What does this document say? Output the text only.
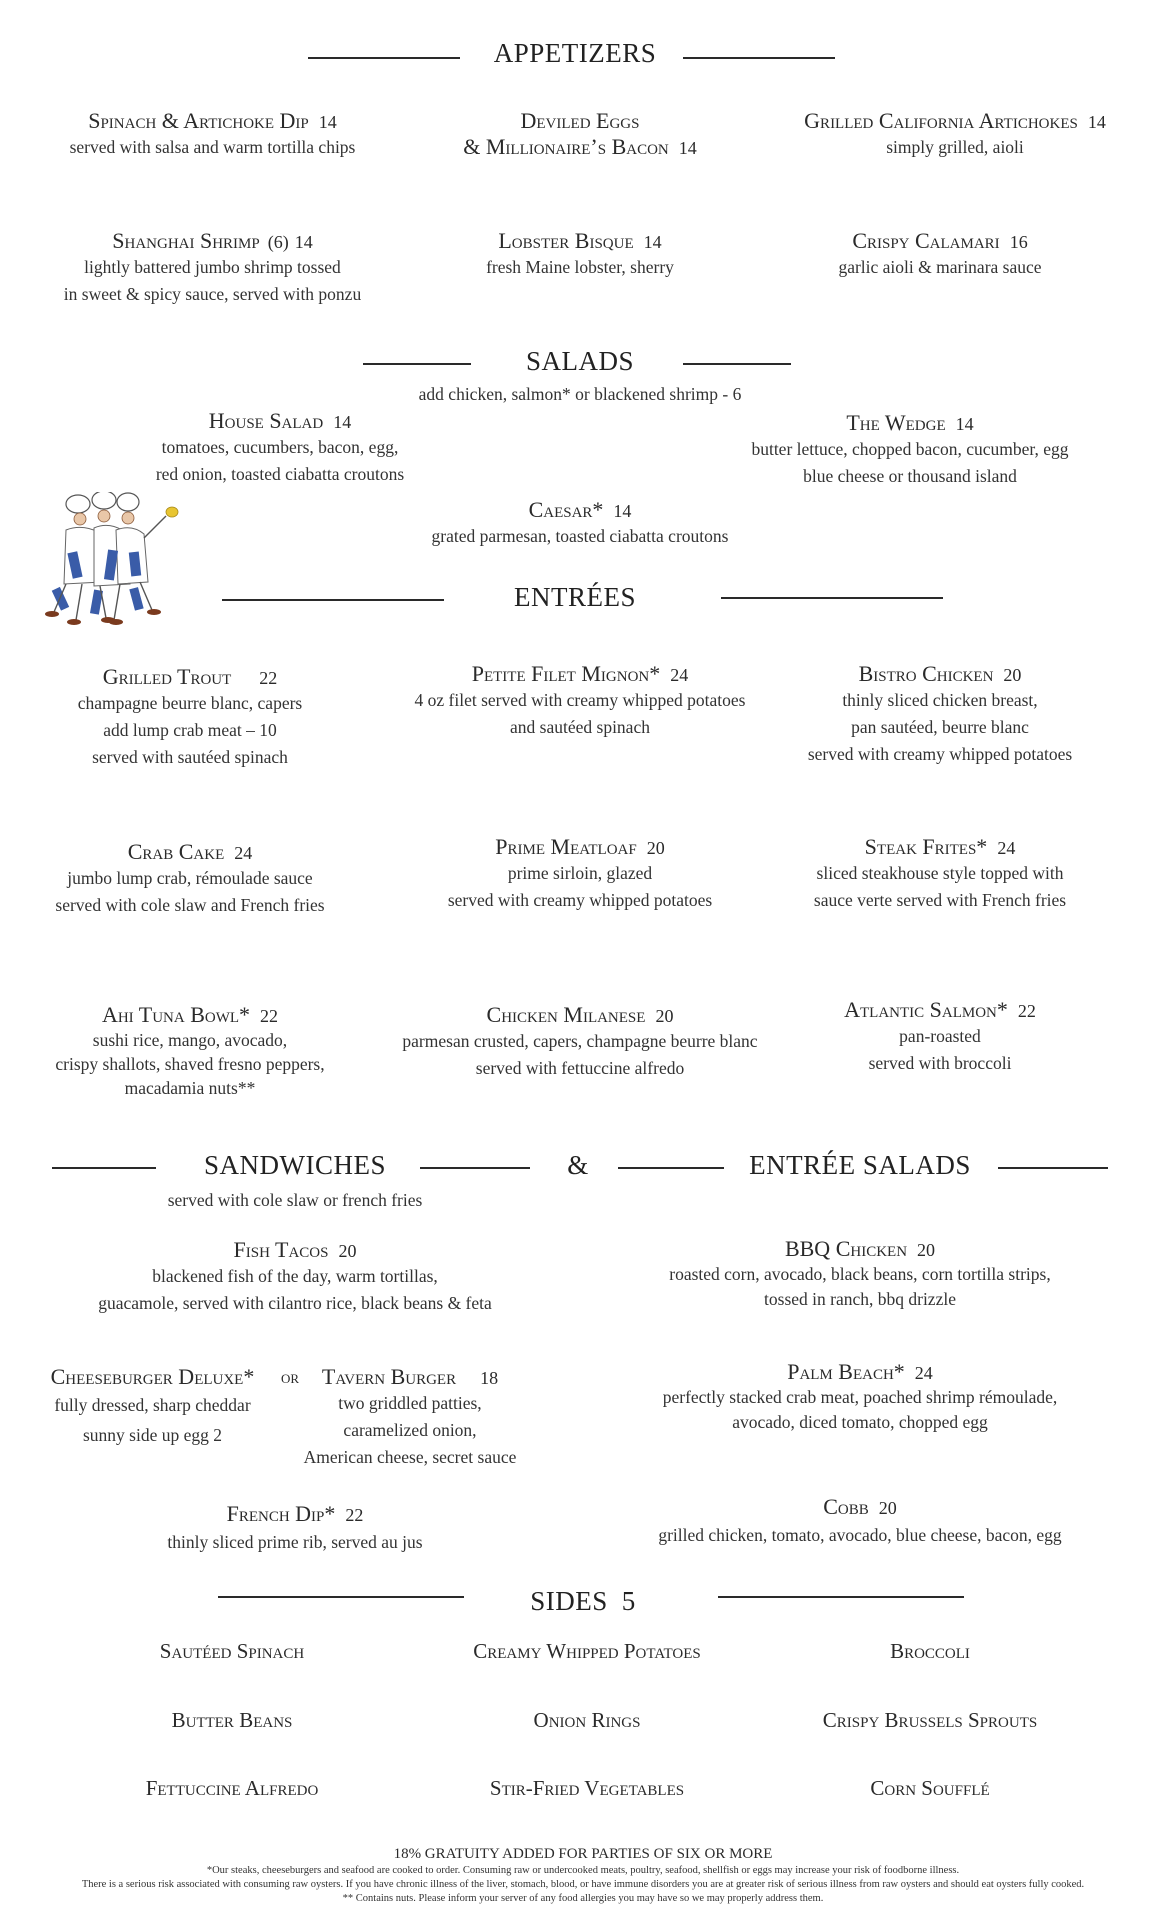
APPETIZERS
Spinach & Artichoke Dip 14
served with salsa and warm tortilla chips
Deviled Eggs
& Millionaire’s Bacon 14
Grilled California Artichokes 14
simply grilled, aioli
Shanghai Shrimp (6) 14
lightly battered jumbo shrimp tossed
in sweet & spicy sauce, served with ponzu
Lobster Bisque 14
fresh Maine lobster, sherry
Crispy Calamari 16
garlic aioli & marinara sauce
SALADS
add chicken, salmon* or blackened shrimp - 6
House Salad 14
tomatoes, cucumbers, bacon, egg,
red onion, toasted ciabatta croutons
The Wedge 14
butter lettuce, chopped bacon, cucumber, egg
blue cheese or thousand island
Caesar* 14
grated parmesan, toasted ciabatta croutons
ENTRÉES
Grilled Trout 22
champagne beurre blanc, capers
add lump crab meat – 10
served with sautéed spinach
Petite Filet Mignon* 24
4 oz filet served with creamy whipped potatoes
and sautéed spinach
Bistro Chicken 20
thinly sliced chicken breast,
pan sautéed, beurre blanc
served with creamy whipped potatoes
Crab Cake 24
jumbo lump crab, rémoulade sauce
served with cole slaw and French fries
Prime Meatloaf 20
prime sirloin, glazed
served with creamy whipped potatoes
Steak Frites* 24
sliced steakhouse style topped with
sauce verte served with French fries
Ahi Tuna Bowl* 22
sushi rice, mango, avocado,
crispy shallots, shaved fresno peppers,
macadamia nuts**
Chicken Milanese 20
parmesan crusted, capers, champagne beurre blanc
served with fettuccine alfredo
Atlantic Salmon* 22
pan-roasted
served with broccoli
SANDWICHES	&	ENTRÉE SALADS
served with cole slaw or french fries
Fish Tacos 20
blackened fish of the day, warm tortillas,
guacamole, served with cilantro rice, black beans & feta
Cheeseburger Deluxe*
fully dressed, sharp cheddar
sunny side up egg 2
or	Tavern Burger 18
two griddled patties,
caramelized onion,
American cheese, secret sauce
French Dip* 22
thinly sliced prime rib, served au jus
BBQ Chicken 20
roasted corn, avocado, black beans, corn tortilla strips,
tossed in ranch, bbq drizzle
Palm Beach* 24
perfectly stacked crab meat, poached shrimp rémoulade,
avocado, diced tomato, chopped egg
Cobb 20
grilled chicken, tomato, avocado, blue cheese, bacon, egg
SIDES 5
Sautéed Spinach	Creamy Whipped Potatoes	Broccoli
Butter Beans	Onion Rings	Crispy Brussels Sprouts
Fettuccine Alfredo	Stir-Fried Vegetables	Corn Soufflé
18% GRATUITY ADDED FOR PARTIES OF SIX OR MORE
*Our steaks, cheeseburgers and seafood are cooked to order. Consuming raw or undercooked meats, poultry, seafood, shellfish or eggs may increase your risk of foodborne illness.
There is a serious risk associated with consuming raw oysters. If you have chronic illness of the liver, stomach, blood, or have immune disorders you are at greater risk of serious illness from raw oysters and should eat oysters fully cooked.
** Contains nuts. Please inform your server of any food allergies you may have so we may properly address them.
